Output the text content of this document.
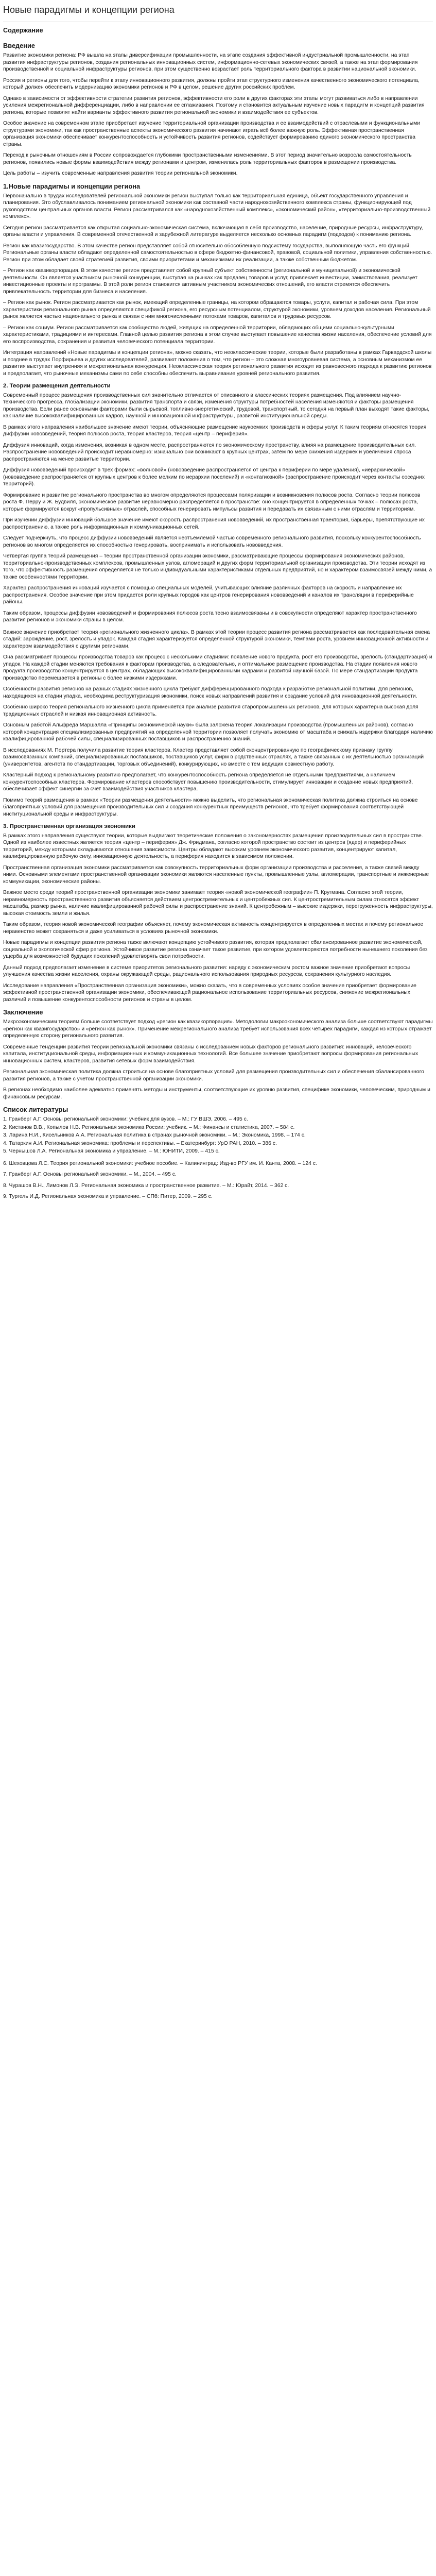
Новые парадигмы и концепции региона
Содержание
Введение

Развитие экономики региона: РФ вышла на этапы диверсификации промышленности, на этапе создания эффективной индустриальной промышленности, на этап развития инфраструктуры регионов, создания региональных инновационных систем, информационно-сетевых экономических связей, а также на этап формирования производственной и социальной инфраструктуры регионов, при этом существенно возрастает роль территориального фактора в развитии национальной экономики.

Россия и регионы для того, чтобы перейти к этапу инновационного развития, должны пройти этап структурного изменения качественного экономического потенциала, который должен обеспечить модернизацию экономики регионов и РФ в целом, решение других российских проблем.

Однако в зависимости от эффективности стратегии развития регионов, эффективности его роли в других факторах эти этапы могут развиваться либо в направлении усиления межрегиональной дифференциации, либо в направлении ее сглаживания. Поэтому и становится актуальным изучение новых парадигм и концепций развития региона, которые позволят найти варианты эффективного развития региональной экономики и взаимодействия ее субъектов.

Особое значение на современном этапе приобретает изучение территориальной организации производства и ее взаимодействий с отраслевыми и функциональными структурами экономики, так как пространственные аспекты экономического развития начинают играть всё более важную роль. Эффективная пространственная организация экономики обеспечивает конкурентоспособность и устойчивость развития регионов, содействует формированию единого экономического пространства страны.

Переход к рыночным отношениям в России сопровождается глубокими пространственными изменениями. В этот период значительно возросла самостоятельность регионов, появились новые формы взаимодействия между регионами и центром, изменилась роль территориальных факторов в размещении производства.

Цель работы – изучить современные направления развития теории региональной экономики.

1.Новые парадигмы и концепции региона

Первоначально в трудах исследователей региональной экономики регион выступал только как территориальная единица, объект государственного управления и планирования. Это обуславливалось пониманием региональной экономики как составной части народнохозяйственного комплекса страны, функционирующей под руководством центральных органов власти. Регион рассматривался как «народнохозяйственный комплекс», «экономический район», «территориально-производственный комплекс».

Сегодня регион рассматривается как открытая социально-экономическая система, включающая в себя производство, население, природные ресурсы, инфраструктуру, органы власти и управления. В современной отечественной и зарубежной литературе выделяется несколько основных парадигм (подходов) к пониманию региона.

Регион как квазигосударство. В этом качестве регион представляет собой относительно обособленную подсистему государства, выполняющую часть его функций. Региональные органы власти обладают определенной самостоятельностью в сфере бюджетно-финансовой, правовой, социальной политики, управления собственностью. Регион при этом обладает своей стратегией развития, своими приоритетами и механизмами их реализации, а также собственным бюджетом.

– Регион как квазикорпорация. В этом качестве регион представляет собой крупный субъект собственности (региональной и муниципальной) и экономической деятельности. Он является участником рыночной конкуренции, выступая на рынках как продавец товаров и услуг, привлекает инвестиции, заимствования, реализует инвестиционные проекты и программы. В этой роли регион становится активным участником экономических отношений, его власти стремятся обеспечить привлекательность территории для бизнеса и населения.

– Регион как рынок. Регион рассматривается как рынок, имеющий определенные границы, на котором обращаются товары, услуги, капитал и рабочая сила. При этом характеристики регионального рынка определяются спецификой региона, его ресурсным потенциалом, структурой экономики, уровнем доходов населения. Региональный рынок является частью национального рынка и связан с ним многочисленными потоками товаров, капиталов и трудовых ресурсов.

– Регион как социум. Регион рассматривается как сообщество людей, живущих на определенной территории, обладающих общими социально-культурными характеристиками, традициями и интересами. Главной целью развития региона в этом случае выступает повышение качества жизни населения, обеспечение условий для его воспроизводства, сохранения и развития человеческого потенциала территории.

Интеграция направлений «Новые парадигмы и концепции региона», можно сказать, что неоклассические теории, которые были разработаны в рамках Гарвардской школы и позднее в трудах Порфирьева и других исследователей, развивают положения о том, что регион – это сложная многоуровневая система, а основным механизмом ее развития выступает внутренняя и межрегиональная конкуренция. Неоклассическая теория регионального развития исходит из равновесного подхода к развитию регионов и предполагает, что рыночные механизмы сами по себе способны обеспечить выравнивание уровней регионального развития.

2. Теории размещения деятельности

Современный процесс размещения производственных сил значительно отличается от описанного в классических теориях размещения. Под влиянием научно-технического прогресса, глобализации экономики, развития транспорта и связи, изменения структуры потребностей населения изменяются и факторы размещения производства. Если ранее основными факторами были сырьевой, топливно-энергетический, трудовой, транспортный, то сегодня на первый план выходят такие факторы, как наличие высококвалифицированных кадров, научной и инновационной инфраструктуры, развитой институциональной среды.

В рамках этого направления наибольшее значение имеют теории, объясняющие размещение наукоемких производств и сферы услуг. К таким теориям относятся теория диффузии нововведений, теория полюсов роста, теория кластеров, теория «центр – периферия».

Диффузия инноваций, когда изменения, возникая в одном месте, распространяются по экономическому пространству, влияя на размещение производительных сил. Распространение нововведений происходит неравномерно: изначально они возникают в крупных центрах, затем по мере снижения издержек и увеличения спроса распространяются на менее развитые территории.

Диффузия нововведений происходит в трех формах: «волновой» (нововведение распространяется от центра к периферии по мере удаления), «иерархической» (нововведение распространяется от крупных центров к более мелким по иерархии поселений) и «контагиозной» (распространение происходит через контакты соседних территорий).

Формирование и развитие регионального пространства во многом определяются процессами поляризации и возникновения полюсов роста. Согласно теории полюсов роста Ф. Перру и Ж. Будвиля, экономическое развитие неравномерно распределяется в пространстве: оно концентрируется в определенных точках – полюсах роста, которые формируются вокруг «пропульсивных» отраслей, способных генерировать импульсы развития и передавать их связанным с ними отраслям и территориям.

При изучении диффузии инноваций большое значение имеют скорость распространения нововведений, их пространственная траектория, барьеры, препятствующие их распространению, а также роль информационных и коммуникационных сетей.

Следует подчеркнуть, что процесс диффузии нововведений является неотъемлемой частью современного регионального развития, поскольку конкурентоспособность регионов во многом определяется их способностью генерировать, воспринимать и использовать нововведения.

Четвертая группа теорий размещения – теории пространственной организации экономики, рассматривающие процессы формирования экономических районов, территориально-производственных комплексов, промышленных узлов, агломераций и других форм территориальной организации производства. Эти теории исходят из того, что эффективность размещения определяется не только индивидуальными характеристиками отдельных предприятий, но и характером взаимосвязей между ними, а также особенностями территории.

Характер распространения инноваций изучается с помощью специальных моделей, учитывающих влияние различных факторов на скорость и направление их распространения. Особое значение при этом придается роли крупных городов как центров генерирования нововведений и каналов их трансляции в периферийные районы.

Таким образом, процессы диффузии нововведений и формирования полюсов роста тесно взаимосвязаны и в совокупности определяют характер пространственного развития регионов и экономики страны в целом.

Важное значение приобретает теория «регионального жизненного цикла». В рамках этой теории процесс развития региона рассматривается как последовательная смена стадий: зарождение, рост, зрелость и упадок. Каждая стадия характеризуется определенной структурой экономики, темпами роста, уровнем инновационной активности и характером взаимодействия с другими регионами.

Она рассматривает процессы производства товаров как процесс с несколькими стадиями: появление нового продукта, рост его производства, зрелость (стандартизация) и упадок. На каждой стадии меняются требования к факторам производства, а следовательно, и оптимальное размещение производства. На стадии появления нового продукта производство концентрируется в центрах, обладающих высококвалифицированными кадрами и развитой научной базой. По мере стандартизации продукта производство перемещается в регионы с более низкими издержками.

Особенности развития регионов на разных стадиях жизненного цикла требуют дифференцированного подхода к разработке региональной политики. Для регионов, находящихся на стадии упадка, необходима реструктуризация экономики, поиск новых направлений развития и создание условий для инновационной деятельности.

Особенно широко теория регионального жизненного цикла применяется при анализе развития старопромышленных регионов, для которых характерна высокая доля традиционных отраслей и низкая инновационная активность.

Основным работой Альфреда Маршалла «Принципы экономической науки» была заложена теория локализации производства (промышленных районов), согласно которой концентрация специализированных предприятий на определенной территории позволяет получать экономию от масштаба и снижать издержки благодаря наличию квалифицированной рабочей силы, специализированных поставщиков и распространению знаний.

В исследованиях М. Портера получила развитие теория кластеров. Кластер представляет собой сконцентрированную по географическому признаку группу взаимосвязанных компаний, специализированных поставщиков, поставщиков услуг, фирм в родственных отраслях, а также связанных с их деятельностью организаций (университетов, агентств по стандартизации, торговых объединений), конкурирующих, но вместе с тем ведущих совместную работу.

Кластерный подход к региональному развитию предполагает, что конкурентоспособность региона определяется не отдельными предприятиями, а наличием конкурентоспособных кластеров. Формирование кластеров способствует повышению производительности, стимулирует инновации и создание новых предприятий, обеспечивает эффект синергии за счет взаимодействия участников кластера.

Помимо теорий размещения в рамках «Теории размещения деятельности» можно выделить, что региональная экономическая политика должна строиться на основе благоприятных условий для размещения производительных сил и создания конкурентных преимуществ регионов, что требует формирования соответствующей институциональной среды и инфраструктуры.

3. Пространственная организация экономики

В рамках этого направления существуют теории, которые выдвигают теоретические положения о закономерностях размещения производительных сил в пространстве. Одной из наиболее известных является теория «центр – периферия» Дж. Фридмана, согласно которой пространство состоит из центров (ядер) и периферийных территорий, между которыми складываются отношения зависимости. Центры обладают высоким уровнем экономического развития, концентрируют капитал, квалифицированную рабочую силу, инновационную деятельность, а периферия находится в зависимом положении.

Пространственная организация экономики рассматривается как совокупность территориальных форм организации производства и расселения, а также связей между ними. Основными элементами пространственной организации экономики являются населенные пункты, промышленные узлы, агломерации, транспортные и инженерные коммуникации, экономические районы.

Важное место среди теорий пространственной организации экономики занимает теория «новой экономической географии» П. Кругмана. Согласно этой теории, неравномерность пространственного развития объясняется действием центростремительных и центробежных сил. К центростремительным силам относятся эффект масштаба, размер рынка, наличие квалифицированной рабочей силы и распространение знаний. К центробежным – высокие издержки, перегруженность инфраструктуры, высокая стоимость земли и жилья.

Таким образом, теория новой экономической географии объясняет, почему экономическая активность концентрируется в определенных местах и почему региональное неравенство может сохраняться и даже усиливаться в условиях рыночной экономики.

Новые парадигмы и концепции развития региона также включают концепцию устойчивого развития, которая предполагает сбалансированное развитие экономической, социальной и экологической сфер региона. Устойчивое развитие региона означает такое развитие, при котором удовлетворяются потребности нынешнего поколения без ущерба для возможностей будущих поколений удовлетворять свои потребности.

Данный подход предполагает изменение в системе приоритетов регионального развития: наряду с экономическим ростом важное значение приобретают вопросы улучшения качества жизни населения, охраны окружающей среды, рационального использования природных ресурсов, сохранения культурного наследия.

Исследование направления «Пространственная организация экономики», можно сказать, что в современных условиях особое значение приобретает формирование эффективной пространственной организации экономики, обеспечивающей рациональное использование территориальных ресурсов, снижение межрегиональных различий и повышение конкурентоспособности регионов и страны в целом.

Заключение

Микроэкономическим теориям больше соответствует подход «регион как квазикорпорация». Методологии макроэкономического анализа больше соответствуют парадигмы «регион как квазигосударство» и «регион как рынок». Применение межрегионального анализа требует использования всех четырех парадигм, каждая из которых отражает определенную сторону регионального развития.

Современные тенденции развития теории региональной экономики связаны с исследованием новых факторов регионального развития: инноваций, человеческого капитала, институциональной среды, информационных и коммуникационных технологий. Все большее значение приобретают вопросы формирования региональных инновационных систем, кластеров, развития сетевых форм взаимодействия.

Региональная экономическая политика должна строиться на основе благоприятных условий для размещения производительных сил и обеспечения сбалансированного развития регионов, а также с учетом пространственной организации экономики.

В регионах необходимо наиболее адекватно применять методы и инструменты, соответствующие их уровню развития, специфике экономики, человеческим, природным и финансовым ресурсам.

Список литературы
1. Гранберг А.Г. Основы региональной экономики: учебник для вузов. – М.: ГУ ВШЭ, 2006. – 495 с.
2. Кистанов В.В., Копылов Н.В. Региональная экономика России: учебник. – М.: Финансы и статистика, 2007. – 584 с.
3. Ларина Н.И., Кисельников А.А. Региональная политика в странах рыночной экономики. – М.: Экономика, 1998. – 174 с.
4. Татаркин А.И. Региональная экономика: проблемы и перспективы. – Екатеринбург: УрО РАН, 2010. – 386 с.
5. Чернышов Л.А. Региональная экономика и управление. – М.: ЮНИТИ, 2009. – 415 с.

6. Шеховцова Л.С. Теория региональной экономики: учебное пособие. – Калининград: Изд-во РГУ им. И. Канта, 2008. – 124 с.

7. Гранберг А.Г. Основы региональной экономики. – М., 2004. – 495 с.

8. Чурашов В.Н., Лимонов Л.Э. Региональная экономика и пространственное развитие. – М.: Юрайт, 2014. – 362 с.

9. Тургель И.Д. Региональная экономика и управление. – СПб: Питер, 2009. – 295 с.
